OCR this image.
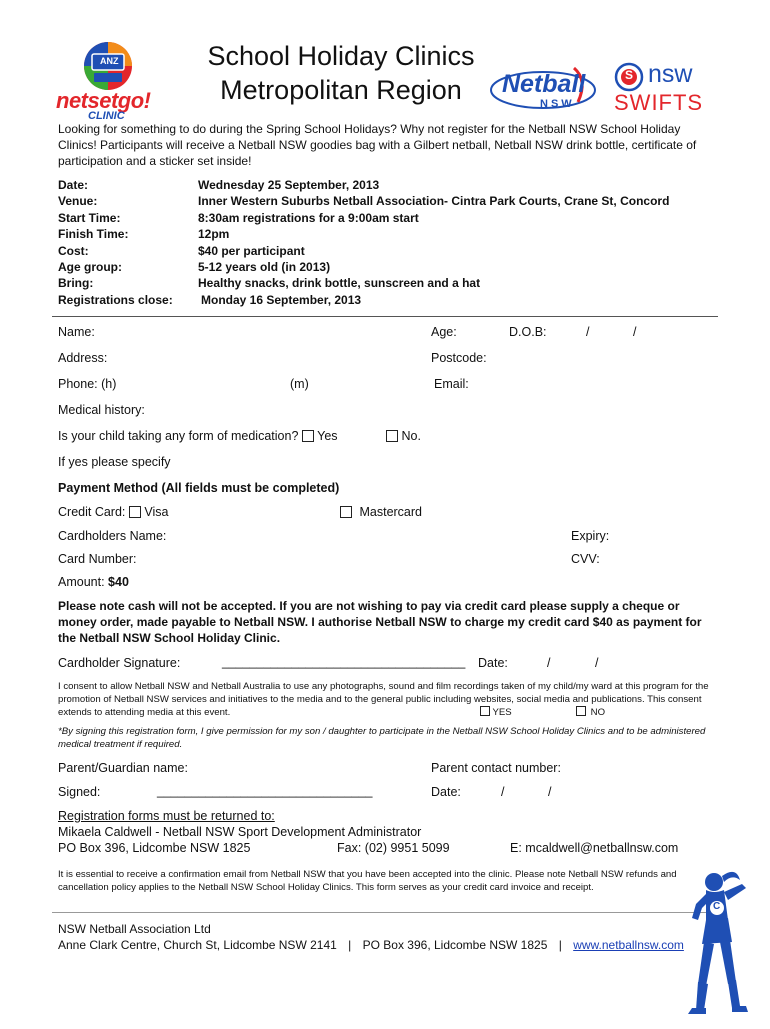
ANZ
netsetgo!
CLINIC
Netball
NSW
S nsw
SWIFTS
School Holiday Clinics
Metropolitan Region
Looking for something to do during the Spring School Holidays? Why not register for the Netball NSW School Holiday Clinics! Participants will receive a Netball NSW goodies bag with a Gilbert netball, Netball NSW drink bottle, certificate of participation and a sticker set inside!
Date:	Wednesday 25 September, 2013
Venue:	Inner Western Suburbs Netball Association- Cintra Park Courts, Crane St, Concord
Start Time:	8:30am registrations for a 9:00am start
Finish Time:	12pm
Cost:	$40 per participant
Age group:	5-12 years old (in 2013)
Bring:	Healthy snacks, drink bottle, sunscreen and a hat
Registrations close: Monday 16 September, 2013
Name:	Age:	D.O.B:	/	/
Address:	Postcode:
Phone: (h)	(m)	Email:
Medical history:
Is your child taking any form of medication? Yes	No.
If yes please specify
Payment Method (All fields must be completed)
Credit Card: Visa	Mastercard
Cardholders Name:	Expiry:
Card Number:	CVV:
Amount: $40
Please note cash will not be accepted. If you are not wishing to pay via credit card please supply a cheque or money order, made payable to Netball NSW. I authorise Netball NSW to charge my credit card $40 as payment for the Netball NSW School Holiday Clinic.
Cardholder Signature:	___________________________________ Date:	/	/
I consent to allow Netball NSW and Netball Australia to use any photographs, sound and film recordings taken of my child/my ward at this program for the promotion of Netball NSW services and initiatives to the media and to the general public including websites, social media and publications. This consent extends to attending media at this event.	YES	NO
*By signing this registration form, I give permission for my son / daughter to participate in the Netball NSW School Holiday Clinics and to be administered medical treatment if required.
Parent/Guardian name:	Parent contact number:
Signed:	_______________________________	Date:	/	/
Registration forms must be returned to:
Mikaela Caldwell - Netball NSW Sport Development Administrator
PO Box 396, Lidcombe NSW 1825	Fax: (02) 9951 5099	E: mcaldwell@netballnsw.com
It is essential to receive a confirmation email from Netball NSW that you have been accepted into the clinic. Please note Netball NSW refunds and cancellation policy applies to the Netball NSW School Holiday Clinics. This form serves as your credit card invoice and receipt.
NSW Netball Association Ltd
Anne Clark Centre, Church St, Lidcombe NSW 2141 | PO Box 396, Lidcombe NSW 1825 | www.netballnsw.com
C
